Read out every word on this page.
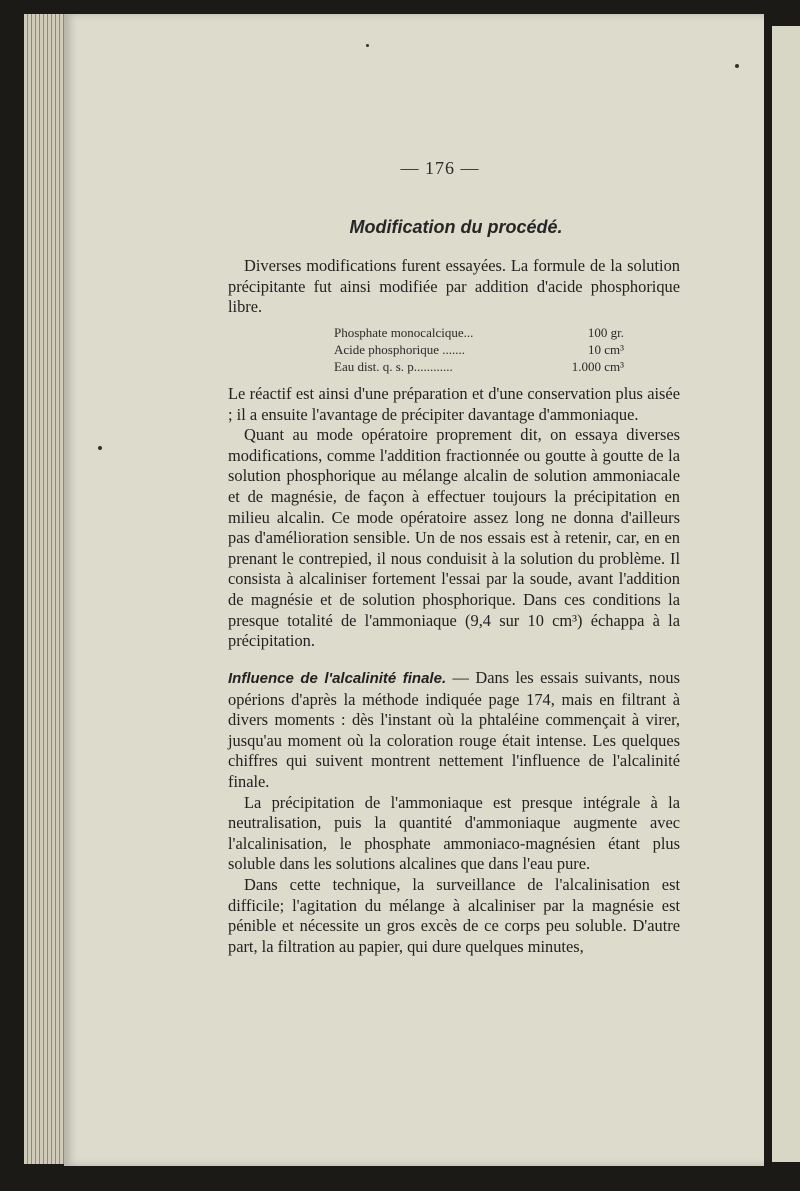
— 176 —
Modification du procédé.

Diverses modifications furent essayées. La formule de la solution précipitante fut ainsi modifiée par addition d'acide phosphorique libre.

Phosphate monocalcique...	100 gr.
Acide phosphorique .......	10 cm³
Eau dist. q. s. p............	1.000 cm³

Le réactif est ainsi d'une préparation et d'une conservation plus aisée ; il a ensuite l'avantage de précipiter davantage d'ammoniaque.

Quant au mode opératoire proprement dit, on essaya diverses modifications, comme l'addition fractionnée ou goutte à goutte de la solution phosphorique au mélange alcalin de solution ammoniacale et de magnésie, de façon à effectuer toujours la précipitation en milieu alcalin. Ce mode opératoire assez long ne donna d'ailleurs pas d'amélioration sensible. Un de nos essais est à retenir, car, en en prenant le contrepied, il nous conduisit à la solution du problème. Il consista à alcaliniser fortement l'essai par la soude, avant l'addition de magnésie et de solution phosphorique. Dans ces conditions la presque totalité de l'ammoniaque (9,4 sur 10 cm³) échappa à la précipitation.

Influence de l'alcalinité finale. — Dans les essais suivants, nous opérions d'après la méthode indiquée page 174, mais en filtrant à divers moments : dès l'instant où la phtaléine commençait à virer, jusqu'au moment où la coloration rouge était intense. Les quelques chiffres qui suivent montrent nettement l'influence de l'alcalinité finale.

La précipitation de l'ammoniaque est presque intégrale à la neutralisation, puis la quantité d'ammoniaque augmente avec l'alcalinisation, le phosphate ammoniaco-magnésien étant plus soluble dans les solutions alcalines que dans l'eau pure.

Dans cette technique, la surveillance de l'alcalinisation est difficile; l'agitation du mélange à alcaliniser par la magnésie est pénible et nécessite un gros excès de ce corps peu soluble. D'autre part, la filtration au papier, qui dure quelques minutes,
